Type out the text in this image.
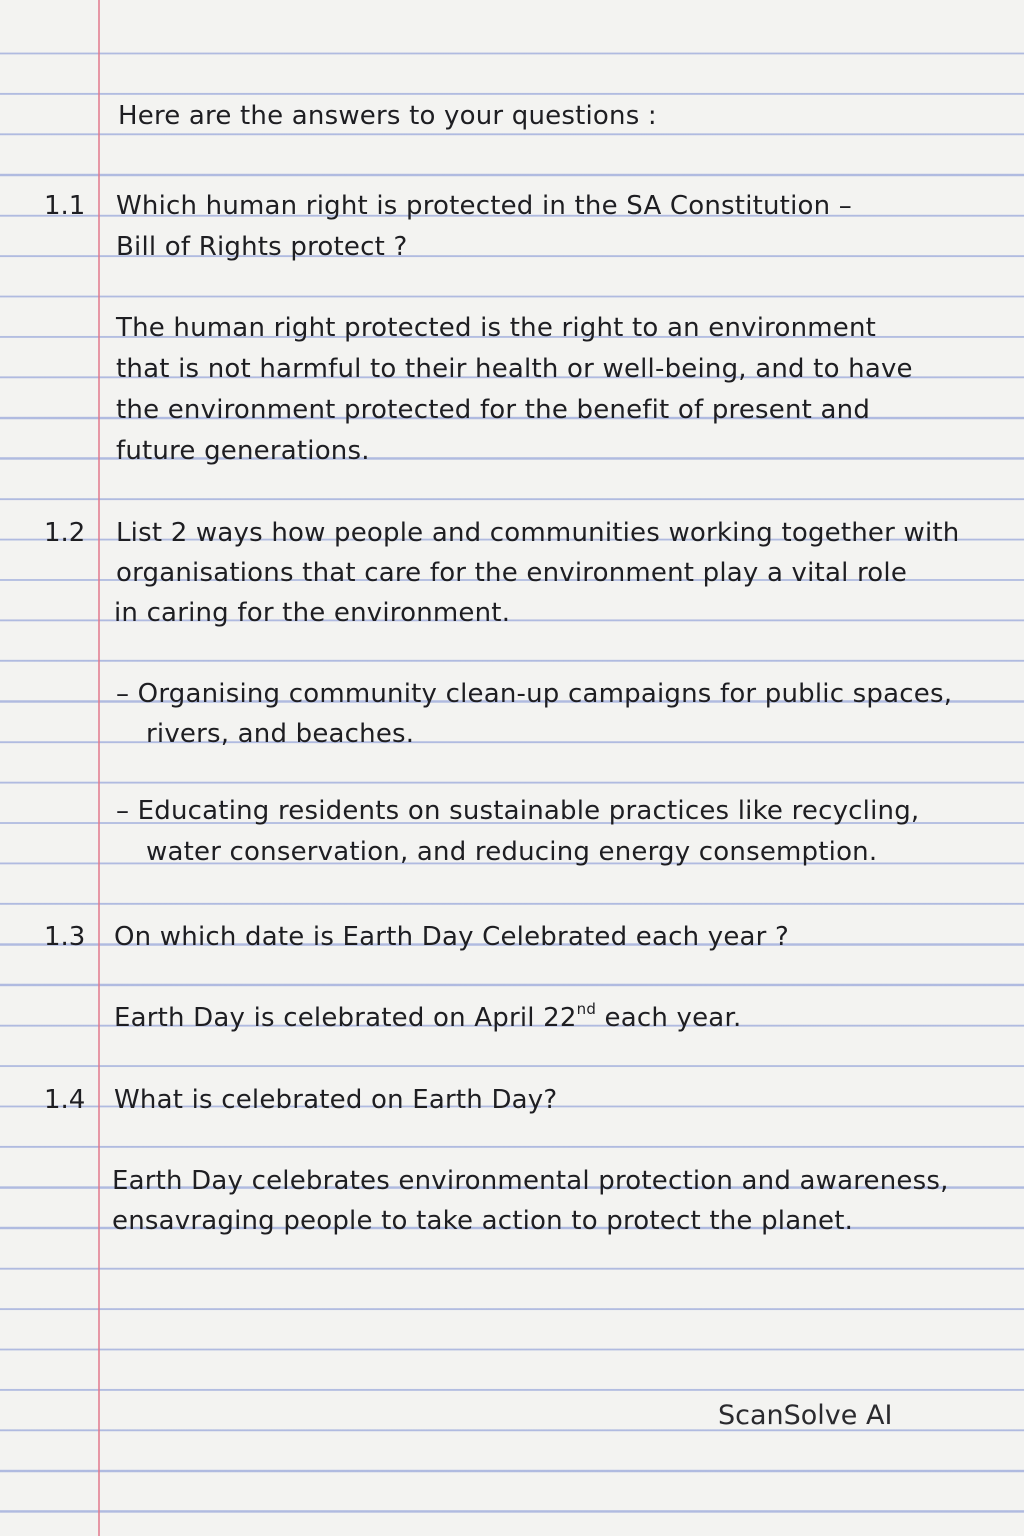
Here are the answers to your questions :
1.1 Which human right is protected in the SA Constitution –
Bill of Rights protect ?
The human right protected is the right to an environment
that is not harmful to their health or well-being, and to have
the environment protected for the benefit of present and
future generations.
1.2 List 2 ways how people and communities working together with
organisations that care for the environment play a vital role
in caring for the environment.
– Organising community clean-up campaigns for public spaces,
rivers, and beaches.
– Educating residents on sustainable practices like recycling,
water conservation, and reducing energy consemption.
1.3 On which date is Earth Day Celebrated each year ?
Earth Day is celebrated on April 22nd each year.
1.4 What is celebrated on Earth Day?
Earth Day celebrates environmental protection and awareness,
ensavraging people to take action to protect the planet.
ScanSolve AI
